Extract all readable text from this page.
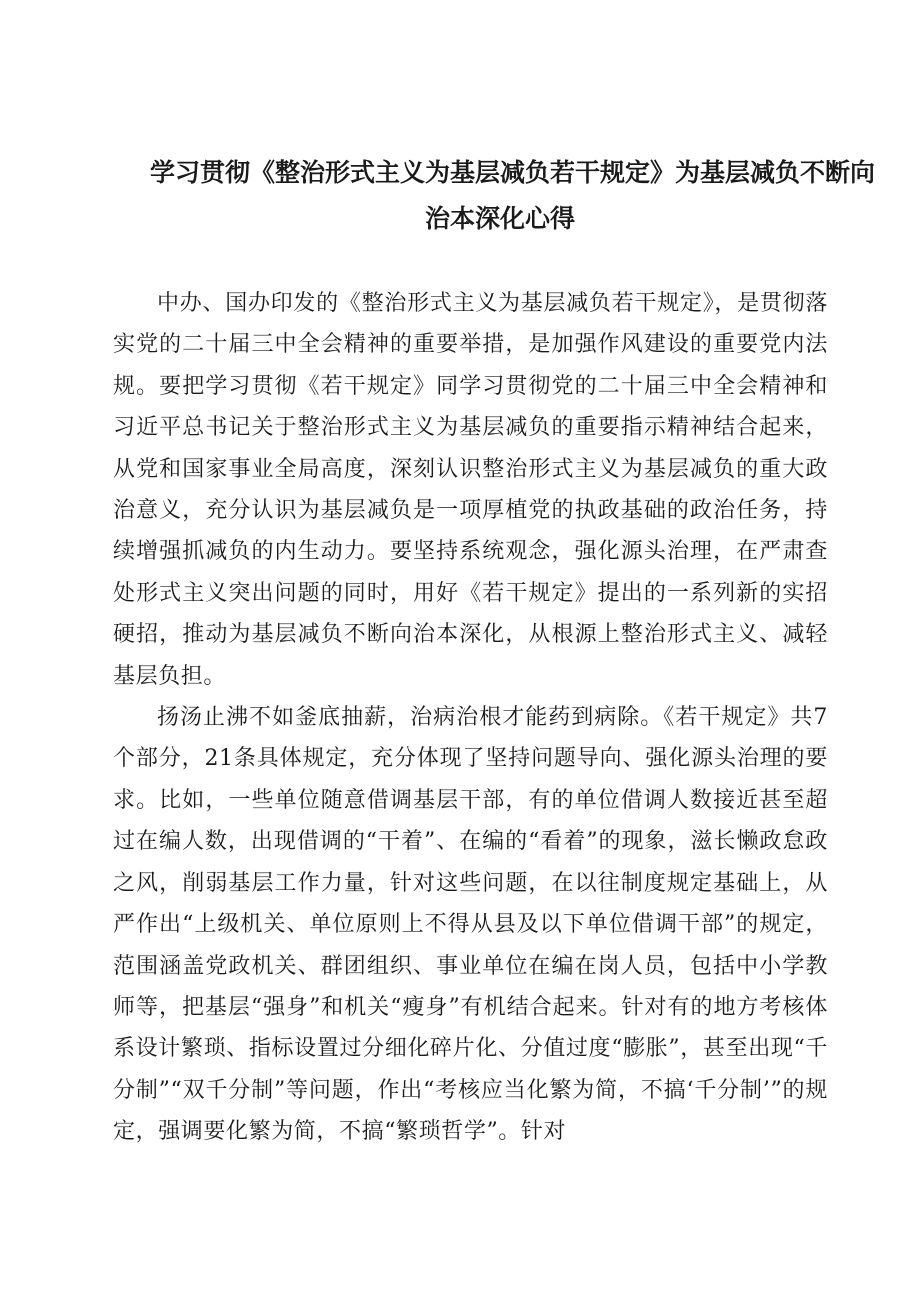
学习贯彻《整治形式主义为基层减负若干规定》为基层减负不断向
治本深化心得

中办、国办印发的《整治形式主义为基层减负若干规定》，是贯彻落实党的二十届三中全会精神的重要举措，是加强作风建设的重要党内法规。要把学习贯彻《若干规定》同学习贯彻党的二十届三中全会精神和习近平总书记关于整治形式主义为基层减负的重要指示精神结合起来，从党和国家事业全局高度，深刻认识整治形式主义为基层减负的重大政治意义，充分认识为基层减负是一项厚植党的执政基础的政治任务，持续增强抓减负的内生动力。要坚持系统观念，强化源头治理，在严肃查处形式主义突出问题的同时，用好《若干规定》提出的一系列新的实招硬招，推动为基层减负不断向治本深化，从根源上整治形式主义、减轻基层负担。

扬汤止沸不如釜底抽薪，治病治根才能药到病除。《若干规定》共7个部分，21条具体规定，充分体现了坚持问题导向、强化源头治理的要求。比如，一些单位随意借调基层干部，有的单位借调人数接近甚至超过在编人数，出现借调的“干着”、在编的“看着”的现象，滋长懒政怠政之风，削弱基层工作力量，针对这些问题，在以往制度规定基础上，从严作出“上级机关、单位原则上不得从县及以下单位借调干部”的规定，范围涵盖党政机关、群团组织、事业单位在编在岗人员，包括中小学教师等，把基层“强身”和机关“瘦身”有机结合起来。针对有的地方考核体系设计繁琐、指标设置过分细化碎片化、分值过度“膨胀”，甚至出现“千分制”“双千分制”等问题，作出“考核应当化繁为简，不搞‘千分制’”的规定，强调要化繁为简，不搞“繁琐哲学”。针对
